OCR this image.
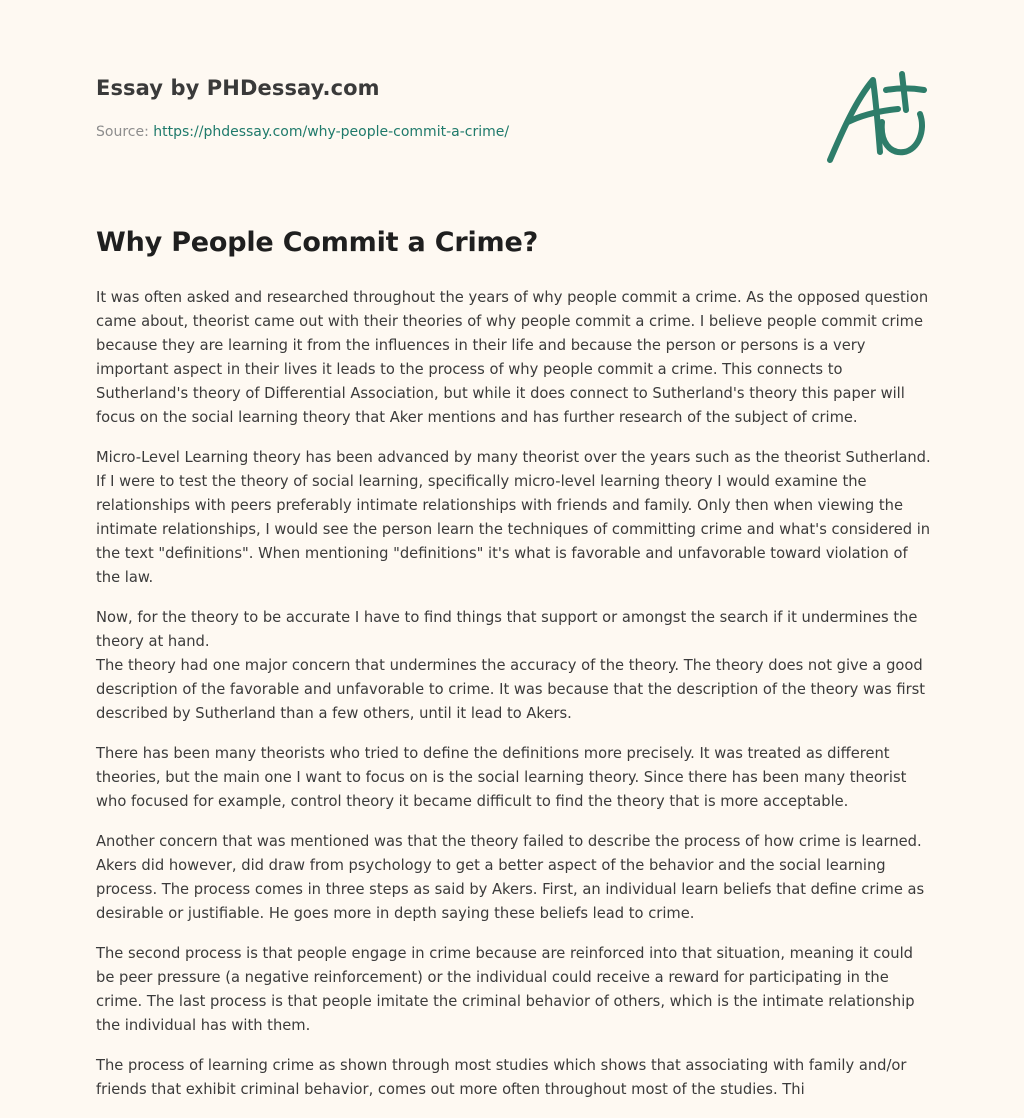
Essay by PHDessay.com
Source: https://phdessay.com/why-people-commit-a-crime/
Why People Commit a Crime?

It was often asked and researched throughout the years of why people commit a crime. As the opposed question came about, theorist came out with their theories of why people commit a crime. I believe people commit crime because they are learning it from the influences in their life and because the person or persons is a very important aspect in their lives it leads to the process of why people commit a crime. This connects to Sutherland's theory of Differential Association, but while it does connect to Sutherland's theory this paper will focus on the social learning theory that Aker mentions and has further research of the subject of crime.

Micro-Level Learning theory has been advanced by many theorist over the years such as the theorist Sutherland. If I were to test the theory of social learning, specifically micro-level learning theory I would examine the relationships with peers preferably intimate relationships with friends and family. Only then when viewing the intimate relationships, I would see the person learn the techniques of committing crime and what's considered in the text "definitions". When mentioning "definitions" it's what is favorable and unfavorable toward violation of the law.

Now, for the theory to be accurate I have to find things that support or amongst the search if it undermines the theory at hand.
The theory had one major concern that undermines the accuracy of the theory. The theory does not give a good description of the favorable and unfavorable to crime. It was because that the description of the theory was first described by Sutherland than a few others, until it lead to Akers.

There has been many theorists who tried to define the definitions more precisely. It was treated as different theories, but the main one I want to focus on is the social learning theory. Since there has been many theorist who focused for example, control theory it became difficult to find the theory that is more acceptable.

Another concern that was mentioned was that the theory failed to describe the process of how crime is learned. Akers did however, did draw from psychology to get a better aspect of the behavior and the social learning process. The process comes in three steps as said by Akers. First, an individual learn beliefs that define crime as desirable or justifiable. He goes more in depth saying these beliefs lead to crime.

The second process is that people engage in crime because are reinforced into that situation, meaning it could be peer pressure (a negative reinforcement) or the individual could receive a reward for participating in the crime. The last process is that people imitate the criminal behavior of others, which is the intimate relationship the individual has with them.

The process of learning crime as shown through most studies which shows that associating with family and/or friends that exhibit criminal behavior, comes out more often throughout most of the studies. Thi
